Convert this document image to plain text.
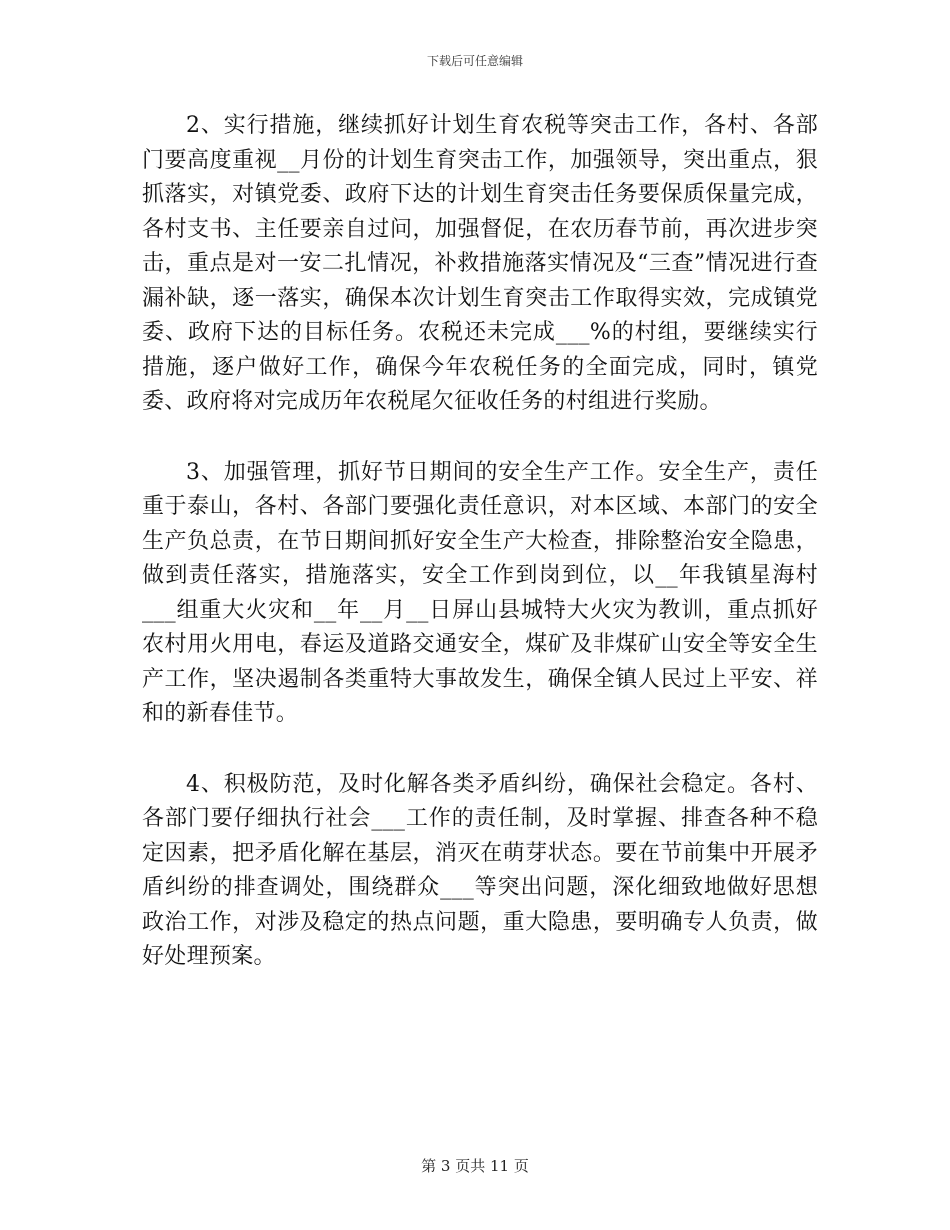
下载后可任意编辑

2、实行措施，继续抓好计划生育农税等突击工作，各村、各部门要高度重视__月份的计划生育突击工作，加强领导，突出重点，狠抓落实，对镇党委、政府下达的计划生育突击任务要保质保量完成，各村支书、主任要亲自过问，加强督促，在农历春节前，再次进步突击，重点是对一安二扎情况，补救措施落实情况及“三查”情况进行查漏补缺，逐一落实，确保本次计划生育突击工作取得实效，完成镇党委、政府下达的目标任务。农税还未完成___%的村组，要继续实行措施，逐户做好工作，确保今年农税任务的全面完成，同时，镇党委、政府将对完成历年农税尾欠征收任务的村组进行奖励。

3、加强管理，抓好节日期间的安全生产工作。安全生产，责任重于泰山，各村、各部门要强化责任意识，对本区域、本部门的安全生产负总责，在节日期间抓好安全生产大检查，排除整治安全隐患，做到责任落实，措施落实，安全工作到岗到位，以__年我镇星海村___组重大火灾和__年__月__日屏山县城特大火灾为教训，重点抓好农村用火用电，春运及道路交通安全，煤矿及非煤矿山安全等安全生产工作，坚决遏制各类重特大事故发生，确保全镇人民过上平安、祥和的新春佳节。

4、积极防范，及时化解各类矛盾纠纷，确保社会稳定。各村、各部门要仔细执行社会___工作的责任制，及时掌握、排查各种不稳定因素，把矛盾化解在基层，消灭在萌芽状态。要在节前集中开展矛盾纠纷的排查调处，围绕群众___等突出问题，深化细致地做好思想政治工作，对涉及稳定的热点问题，重大隐患，要明确专人负责，做好处理预案。

第 3 页共 11 页
